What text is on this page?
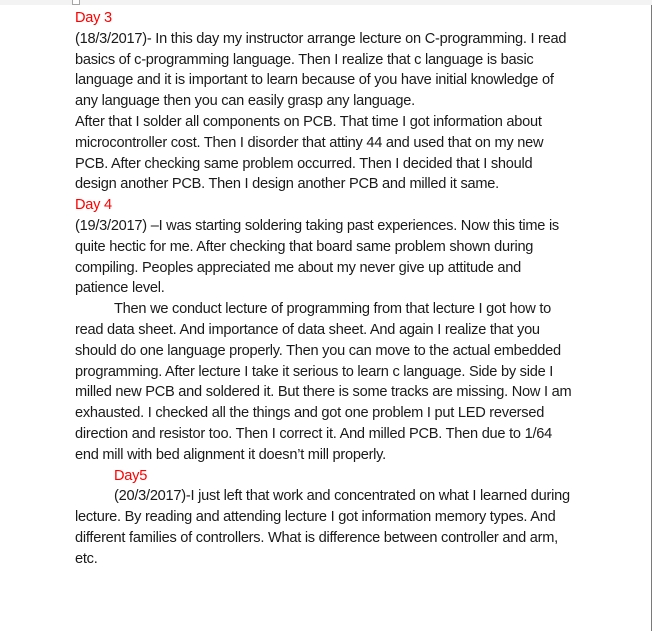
Day 3

(18/3/2017)- In this day my instructor arrange lecture on C-programming. I read basics of c-programming language. Then I realize that c language is basic language and it is important to learn because of you have initial knowledge of any language then you can easily grasp any language.

After that I solder all components on PCB. That time I got information about microcontroller cost. Then I disorder that attiny 44 and used that on my new PCB. After checking same problem occurred. Then I decided that I should design another PCB. Then I design another PCB and milled it same.

Day 4

(19/3/2017) –I was starting soldering taking past experiences. Now this time is quite hectic for me. After checking that board same problem shown during compiling. Peoples appreciated me about my never give up attitude and patience level.

Then we conduct lecture of programming from that lecture I got how to read data sheet. And importance of data sheet. And again I realize that you should do one language properly. Then you can move to the actual embedded programming. After lecture I take it serious to learn c language. Side by side I milled new PCB and soldered it. But there is some tracks are missing. Now I am exhausted. I checked all the things and got one problem I put LED reversed direction and resistor too. Then I correct it. And milled PCB. Then due to 1/64 end mill with bed alignment it doesn’t mill properly.

Day5

(20/3/2017)-I just left that work and concentrated on what I learned during lecture. By reading and attending lecture I got information memory types. And different families of controllers. What is difference between controller and arm, etc.
